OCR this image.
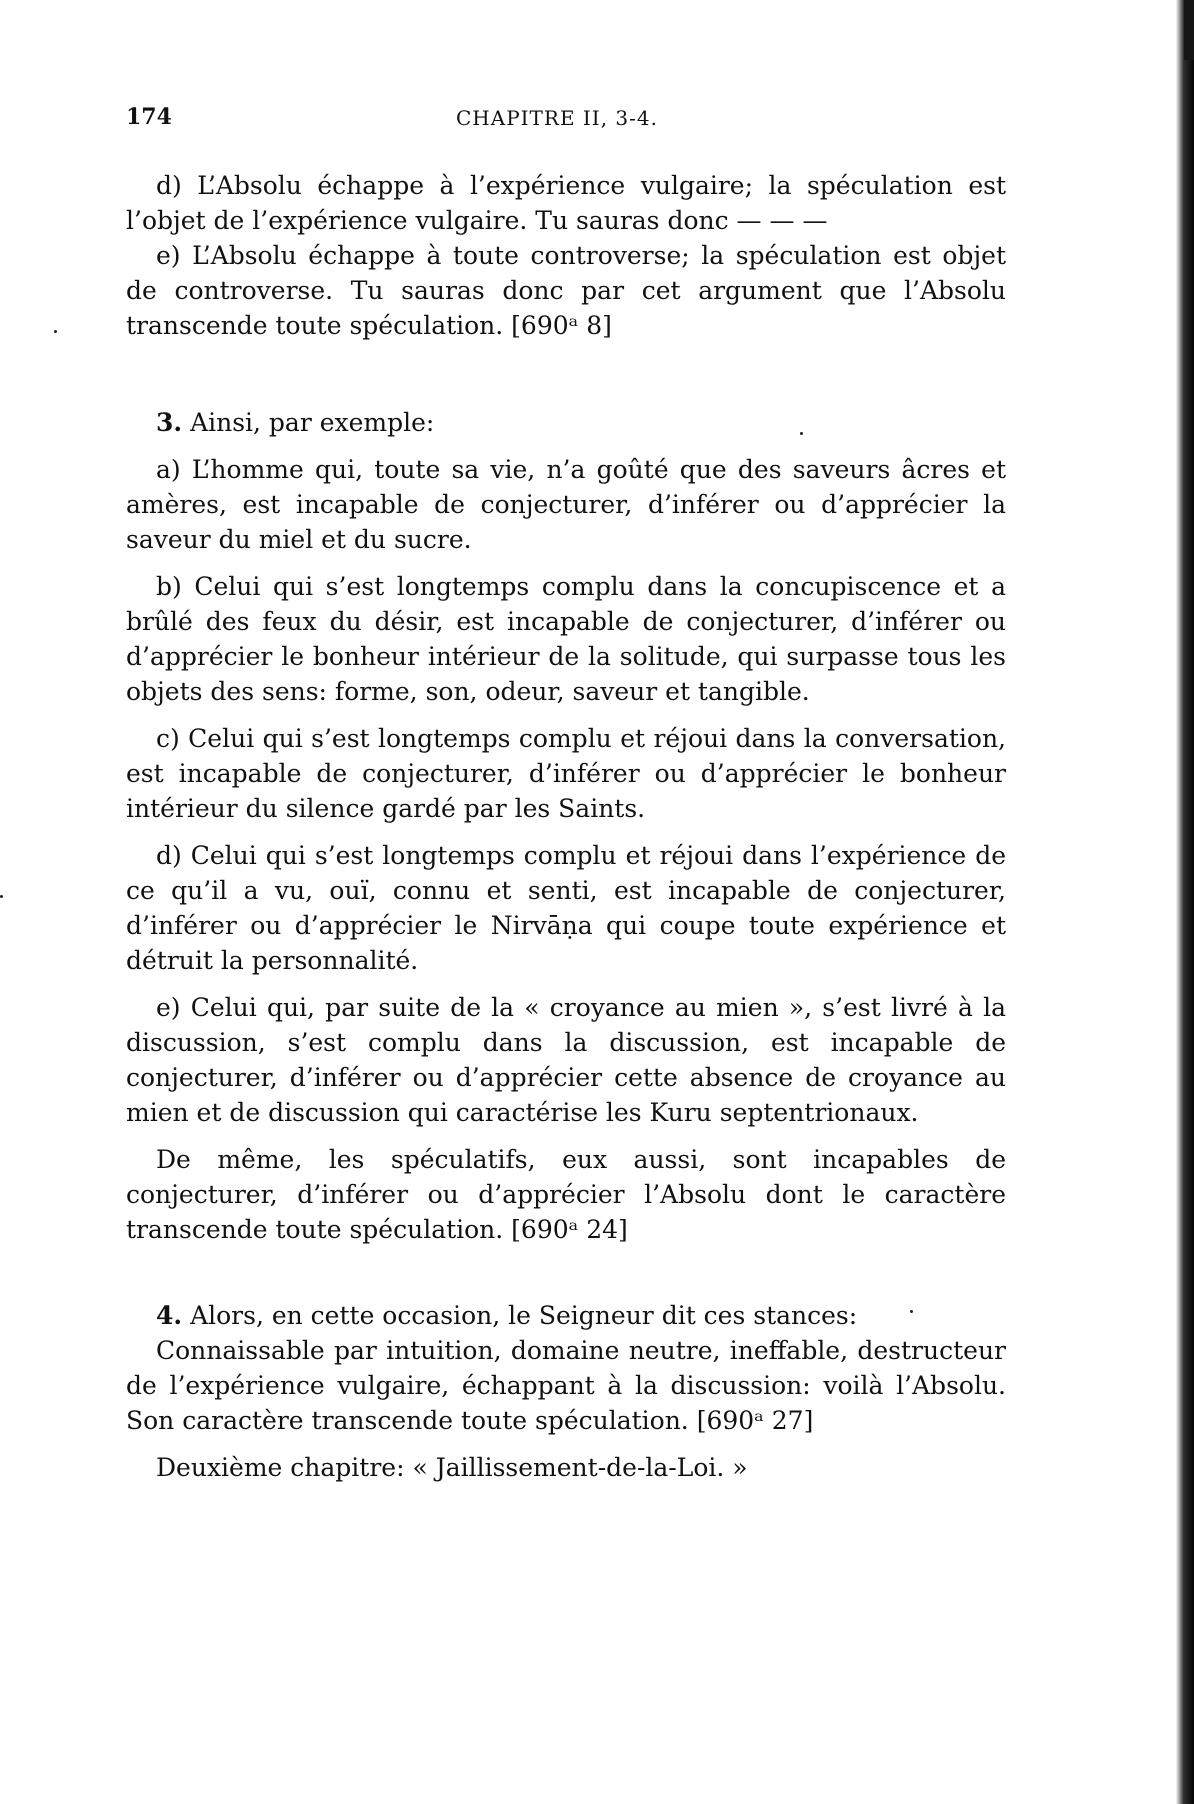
174	CHAPITRE II, 3-4.

d) L’Absolu échappe à l’expérience vulgaire; la spéculation est l’objet de l’expérience vulgaire. Tu sauras donc — — —

e) L’Absolu échappe à toute controverse; la spéculation est objet de controverse. Tu sauras donc par cet argument que l’Absolu transcende toute spéculation. [690ᵃ 8]

3. Ainsi, par exemple:

a) L’homme qui, toute sa vie, n’a goûté que des saveurs âcres et amères, est incapable de conjecturer, d’inférer ou d’apprécier la saveur du miel et du sucre.

b) Celui qui s’est longtemps complu dans la concupiscence et a brûlé des feux du désir, est incapable de conjecturer, d’inférer ou d’apprécier le bonheur intérieur de la solitude, qui surpasse tous les objets des sens: forme, son, odeur, saveur et tangible.

c) Celui qui s’est longtemps complu et réjoui dans la conversation, est incapable de conjecturer, d’inférer ou d’apprécier le bonheur intérieur du silence gardé par les Saints.

d) Celui qui s’est longtemps complu et réjoui dans l’expérience de ce qu’il a vu, ouï, connu et senti, est incapable de conjecturer, d’inférer ou d’apprécier le Nirvāṇa qui coupe toute expérience et détruit la personnalité.

e) Celui qui, par suite de la « croyance au mien », s’est livré à la discussion, s’est complu dans la discussion, est incapable de conjecturer, d’inférer ou d’apprécier cette absence de croyance au mien et de discussion qui caractérise les Kuru septentrionaux.

De même, les spéculatifs, eux aussi, sont incapables de conjecturer, d’inférer ou d’apprécier l’Absolu dont le caractère transcende toute spéculation. [690ᵃ 24]

4. Alors, en cette occasion, le Seigneur dit ces stances:

Connaissable par intuition, domaine neutre, ineffable, destructeur de l’expérience vulgaire, échappant à la discussion: voilà l’Absolu. Son caractère transcende toute spéculation. [690ᵃ 27]

Deuxième chapitre: « Jaillissement-de-la-Loi. »
